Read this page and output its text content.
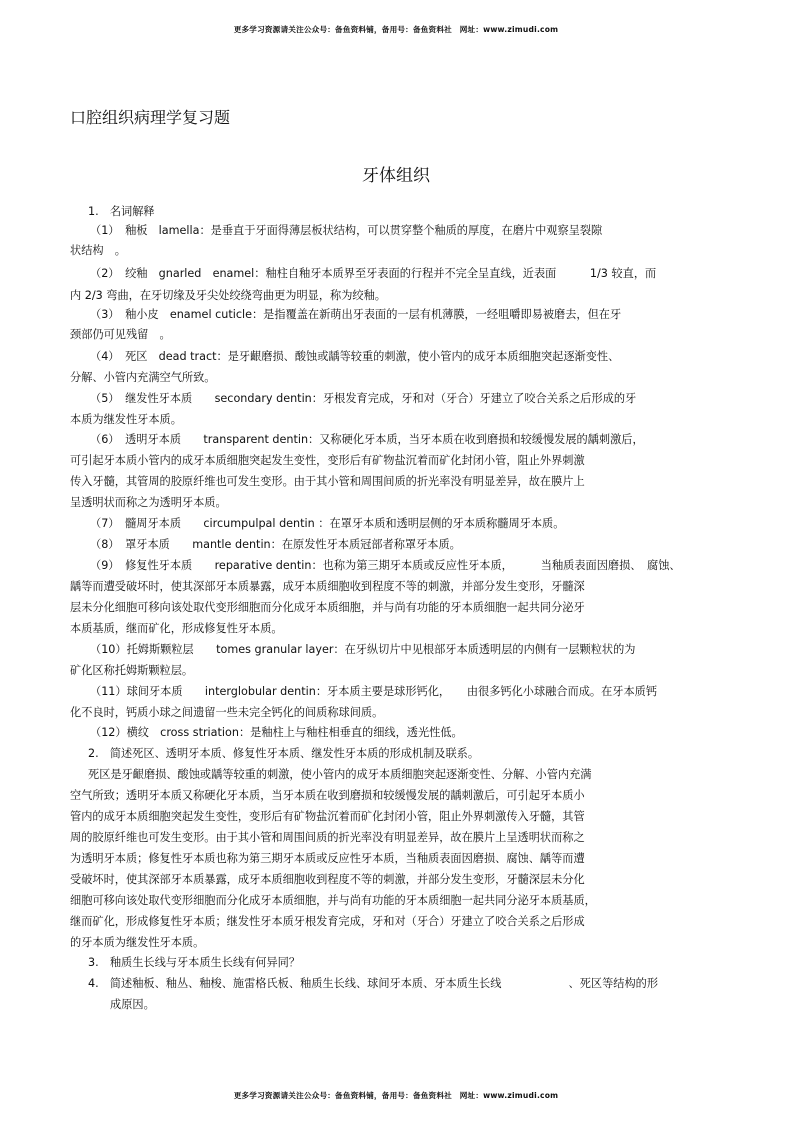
更多学习资源请关注公众号：备鱼资料铺，备用号：备鱼资料社　网址：www.zimudi.com
口腔组织病理学复习题
牙体组织
1.　名词解释
（1）　釉板　lamella：是垂直于牙面得薄层板状结构，可以贯穿整个釉质的厚度，在磨片中观察呈裂隙
状结构　。
（2）　绞釉　gnarled　enamel：釉柱自釉牙本质界至牙表面的行程并不完全呈直线，近表面　　　1/3 较直，而
内 2/3 弯曲，在牙切缘及牙尖处绞绕弯曲更为明显，称为绞釉。
（3）　釉小皮　enamel cuticle：是指覆盖在新萌出牙表面的一层有机薄膜，一经咀嚼即易被磨去，但在牙
颈部仍可见残留　。
（4）　死区　dead tract：是牙齦磨损、酸蚀或龋等较重的刺激，使小管内的成牙本质细胞突起逐渐变性、
分解、小管内充满空气所致。
（5）　继发性牙本质　　secondary dentin：牙根发育完成，牙和对（牙合）牙建立了咬合关系之后形成的牙
本质为继发性牙本质。
（6）　透明牙本质　　transparent dentin：又称硬化牙本质，当牙本质在收到磨损和较缓慢发展的龋刺激后，
可引起牙本质小管内的成牙本质细胞突起发生变性，变形后有矿物盐沉着而矿化封闭小管，阻止外界刺激
传入牙髓，其管周的胶原纤维也可发生变形。由于其小管和周围间质的折光率没有明显差异，故在膜片上
呈透明状而称之为透明牙本质。
（7）　髓周牙本质　　circumpulpal dentin ：在罩牙本质和透明层侧的牙本质称髓周牙本质。
（8）　罩牙本质　　mantle dentin：在原发性牙本质冠部者称罩牙本质。
（9）　修复性牙本质　　reparative dentin：也称为第三期牙本质或反应性牙本质，　　　当釉质表面因磨损、　腐蚀、
龋等而遭受破坏时，使其深部牙本质暴露，成牙本质细胞收到程度不等的刺激，并部分发生变形，牙髓深
层未分化细胞可移向该处取代变形细胞而分化成牙本质细胞，并与尚有功能的牙本质细胞一起共同分泌牙
本质基质，继而矿化，形成修复性牙本质。
（10）托姆斯颗粒层　　tomes granular layer：在牙纵切片中见根部牙本质透明层的内侧有一层颗粒状的为
矿化区称托姆斯颗粒层。
（11）球间牙本质　　interglobular dentin：牙本质主要是球形钙化，　　由很多钙化小球融合而成。在牙本质钙
化不良时，钙质小球之间遗留一些未完全钙化的间质称球间质。
（12）横纹　cross striation：是釉柱上与釉柱相垂直的细线，透光性低。
2.　简述死区、透明牙本质、修复性牙本质、继发性牙本质的形成机制及联系。
死区是牙齦磨损、酸蚀或龋等较重的刺激，使小管内的成牙本质细胞突起逐渐变性、分解、小管内充满
空气所致；透明牙本质又称硬化牙本质，当牙本质在收到磨损和较缓慢发展的龋刺激后，可引起牙本质小
管内的成牙本质细胞突起发生变性，变形后有矿物盐沉着而矿化封闭小管，阻止外界刺激传入牙髓，其管
周的胶原纤维也可发生变形。由于其小管和周围间质的折光率没有明显差异，故在膜片上呈透明状而称之
为透明牙本质；修复性牙本质也称为第三期牙本质或反应性牙本质，当釉质表面因磨损、腐蚀、龋等而遭
受破坏时，使其深部牙本质暴露，成牙本质细胞收到程度不等的刺激，并部分发生变形，牙髓深层未分化
细胞可移向该处取代变形细胞而分化成牙本质细胞，并与尚有功能的牙本质细胞一起共同分泌牙本质基质，
继而矿化，形成修复性牙本质；继发性牙本质牙根发育完成，牙和对（牙合）牙建立了咬合关系之后形成
的牙本质为继发性牙本质。
3.　釉质生长线与牙本质生长线有何异同？
4.　简述釉板、釉丛、釉梭、施雷格氏板、釉质生长线、球间牙本质、牙本质生长线　　　　　　、死区等结构的形
成原因。
更多学习资源请关注公众号：备鱼资料铺，备用号：备鱼资料社　网址：www.zimudi.com
